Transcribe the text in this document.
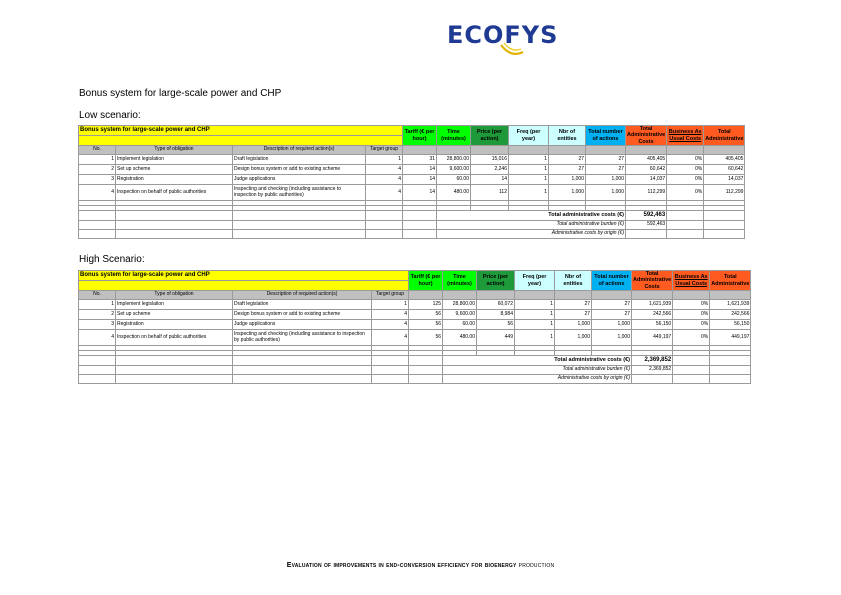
ECOFYS
Bonus system for large-scale power and CHP
Low scenario:
High Scenario:
Bonus system for large-scale power and CHP				Tariff (€ per hour)	Time (minutes)	Price (per action)	Freq (per year)	Nbr of entities	Total number of actions	Total Administrative Costs	Business As Usual Costs	Total Administrative

No.	Type of obligation	Description of required action(s)	Target group									
1	Implement legislation	Draft legislation	1	31	28,800.00	15,016	1	27	27	405,405	0%	405,405
2	Set up scheme	Design bonus system or add to existing scheme	4	14	9,600.00	2,246	1	27	27	60,642	0%	60,642
3	Registration	Judge applications	4	14	60.00	14	1	1,000	1,000	14,037	0%	14,037
4	Inspection on behalf of public authorities	Inspecting and checking (including assistance to inspection by public authorities)	4	14	480.00	112	1	1,000	1,000	112,299	0%	112,299

					Total administrative costs (€)					592,463		
					Total administrative burden (€)					592,463		
					Administrative costs by origin (€)							
Bonus system for large-scale power and CHP				Tariff (€ per hour)	Time (minutes)	Price (per action)	Freq (per year)	Nbr of entities	Total number of actions	Total Administrative Costs	Business As Usual Costs	Total Administrative

No.	Type of obligation	Description of required action(s)	Target group									
1	Implement legislation	Draft legislation	1	125	28,800.00	60,072	1	27	27	1,621,939	0%	1,621,939
2	Set up scheme	Design bonus system or add to existing scheme	4	56	9,600.00	8,984	1	27	27	242,566	0%	242,566
3	Registration	Judge applications	4	56	60.00	56	1	1,000	1,000	56,150	0%	56,150
4	Inspection on behalf of public authorities	Inspecting and checking (including assistance to inspection by public authorities)	4	56	480.00	449	1	1,000	1,000	449,197	0%	449,197

					Total administrative costs (€)					2,369,852		
					Total administrative burden (€)					2,369,852		
					Administrative costs by origin (€)							
Evaluation of improvements in end-conversion efficiency for bioenergy production
